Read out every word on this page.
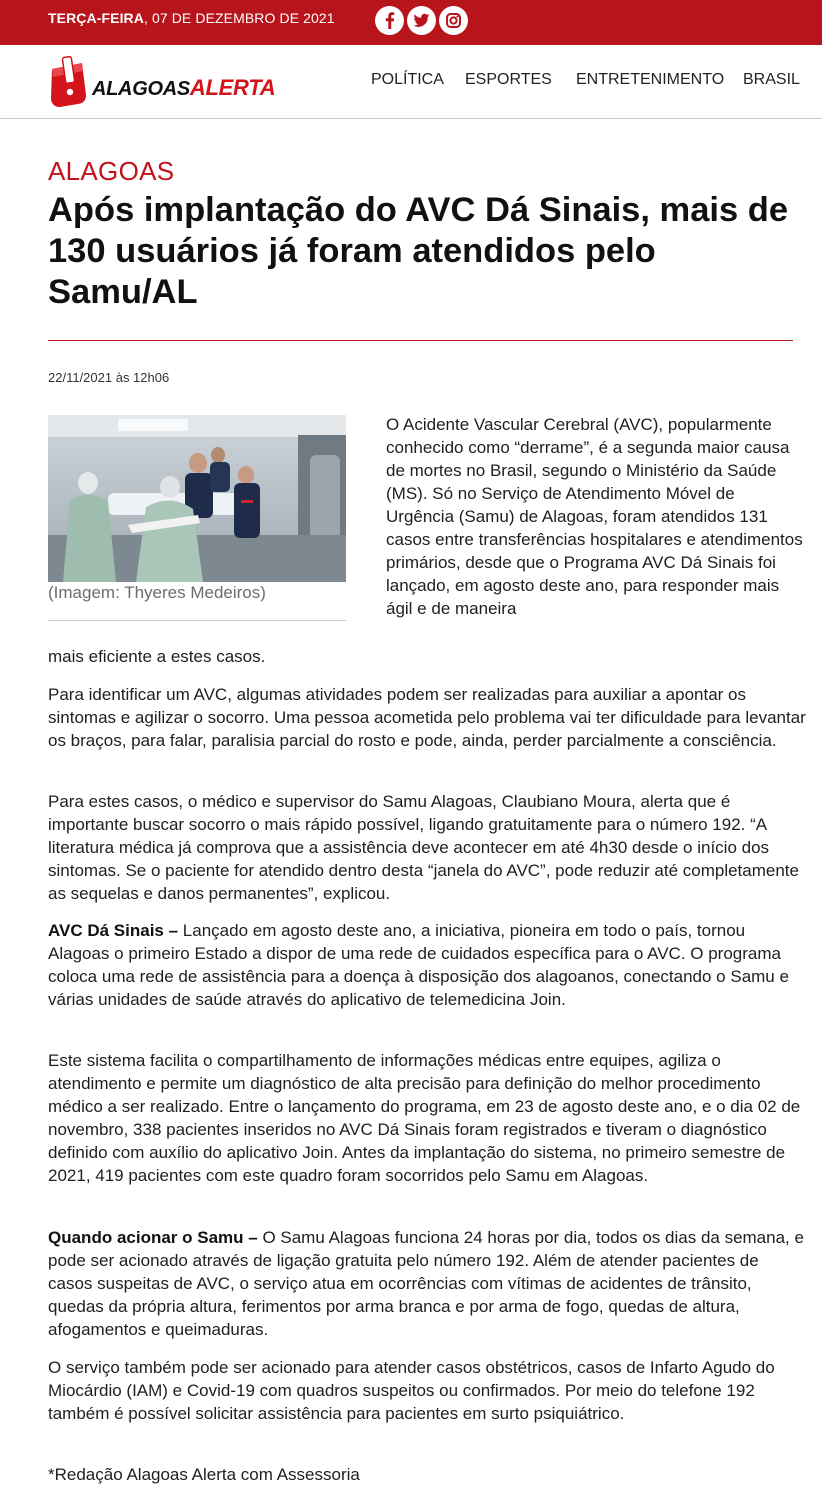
TERÇA-FEIRA, 07 DE DEZEMBRO DE 2021
ALAGOASALERTA	POLÍTICA ESPORTES ENTRETENIMENTO BRASIL
ALAGOAS
Após implantação do AVC Dá Sinais, mais de 130 usuários já foram atendidos pelo Samu/AL
22/11/2021 às 12h06
(Imagem: Thyeres Medeiros)
O Acidente Vascular Cerebral (AVC), popularmente conhecido como “derrame”, é a segunda maior causa de mortes no Brasil, segundo o Ministério da Saúde (MS). Só no Serviço de Atendimento Móvel de Urgência (Samu) de Alagoas, foram atendidos 131 casos entre transferências hospitalares e atendimentos primários, desde que o Programa AVC Dá Sinais foi lançado, em agosto deste ano, para responder mais ágil e de maneira
mais eficiente a estes casos.
Para identificar um AVC, algumas atividades podem ser realizadas para auxiliar a apontar os sintomas e agilizar o socorro. Uma pessoa acometida pelo problema vai ter dificuldade para levantar os braços, para falar, paralisia parcial do rosto e pode, ainda, perder parcialmente a consciência.
Para estes casos, o médico e supervisor do Samu Alagoas, Claubiano Moura, alerta que é importante buscar socorro o mais rápido possível, ligando gratuitamente para o número 192. “A literatura médica já comprova que a assistência deve acontecer em até 4h30 desde o início dos sintomas. Se o paciente for atendido dentro desta “janela do AVC”, pode reduzir até completamente as sequelas e danos permanentes”, explicou.
AVC Dá Sinais – Lançado em agosto deste ano, a iniciativa, pioneira em todo o país, tornou Alagoas o primeiro Estado a dispor de uma rede de cuidados específica para o AVC. O programa coloca uma rede de assistência para a doença à disposição dos alagoanos, conectando o Samu e várias unidades de saúde através do aplicativo de telemedicina Join.
Este sistema facilita o compartilhamento de informações médicas entre equipes, agiliza o atendimento e permite um diagnóstico de alta precisão para definição do melhor procedimento médico a ser realizado. Entre o lançamento do programa, em 23 de agosto deste ano, e o dia 02 de novembro, 338 pacientes inseridos no AVC Dá Sinais foram registrados e tiveram o diagnóstico definido com auxílio do aplicativo Join. Antes da implantação do sistema, no primeiro semestre de 2021, 419 pacientes com este quadro foram socorridos pelo Samu em Alagoas.
Quando acionar o Samu – O Samu Alagoas funciona 24 horas por dia, todos os dias da semana, e pode ser acionado através de ligação gratuita pelo número 192. Além de atender pacientes de casos suspeitas de AVC, o serviço atua em ocorrências com vítimas de acidentes de trânsito, quedas da própria altura, ferimentos por arma branca e por arma de fogo, quedas de altura, afogamentos e queimaduras.
O serviço também pode ser acionado para atender casos obstétricos, casos de Infarto Agudo do Miocárdio (IAM) e Covid-19 com quadros suspeitos ou confirmados. Por meio do telefone 192 também é possível solicitar assistência para pacientes em surto psiquiátrico.
*Redação Alagoas Alerta com Assessoria
